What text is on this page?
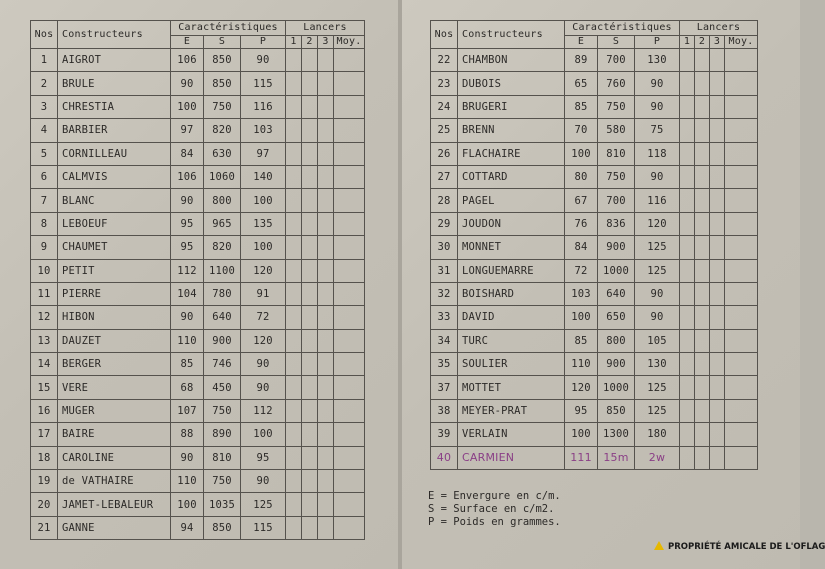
Nos	Constructeurs	Caractéristiques			Lancers			
		E	S	P	1	2	3	Moy.
1	AIGROT	106	850	90				
2	BRULE	90	850	115				
3	CHRESTIA	100	750	116				
4	BARBIER	97	820	103				
5	CORNILLEAU	84	630	97				
6	CALMVIS	106	1060	140				
7	BLANC	90	800	100				
8	LEBOEUF	95	965	135				
9	CHAUMET	95	820	100				
10	PETIT	112	1100	120				
11	PIERRE	104	780	91				
12	HIBON	90	640	72				
13	DAUZET	110	900	120				
14	BERGER	85	746	90				
15	VERE	68	450	90				
16	MUGER	107	750	112				
17	BAIRE	88	890	100				
18	CAROLINE	90	810	95				
19	de VATHAIRE	110	750	90				
20	JAMET-LEBALEUR	100	1035	125				
21	GANNE	94	850	115				
Nos	Constructeurs	Caractéristiques			Lancers			
		E	S	P	1	2	3	Moy.
22	CHAMBON	89	700	130				
23	DUBOIS	65	760	90				
24	BRUGERI	85	750	90				
25	BRENN	70	580	75				
26	FLACHAIRE	100	810	118				
27	COTTARD	80	750	90				
28	PAGEL	67	700	116				
29	JOUDON	76	836	120				
30	MONNET	84	900	125				
31	LONGUEMARRE	72	1000	125				
32	BOISHARD	103	640	90				
33	DAVID	100	650	90				
34	TURC	85	800	105				
35	SOULIER	110	900	130				
37	MOTTET	120	1000	125				
38	MEYER-PRAT	95	850	125				
39	VERLAIN	100	1300	180				
40	CARMIEN	111	15m	2w				
E = Envergure en c/m.
S = Surface en c/m2.
P = Poids en grammes.
PROPRIÉTÉ AMICALE DE L'OFLAG
